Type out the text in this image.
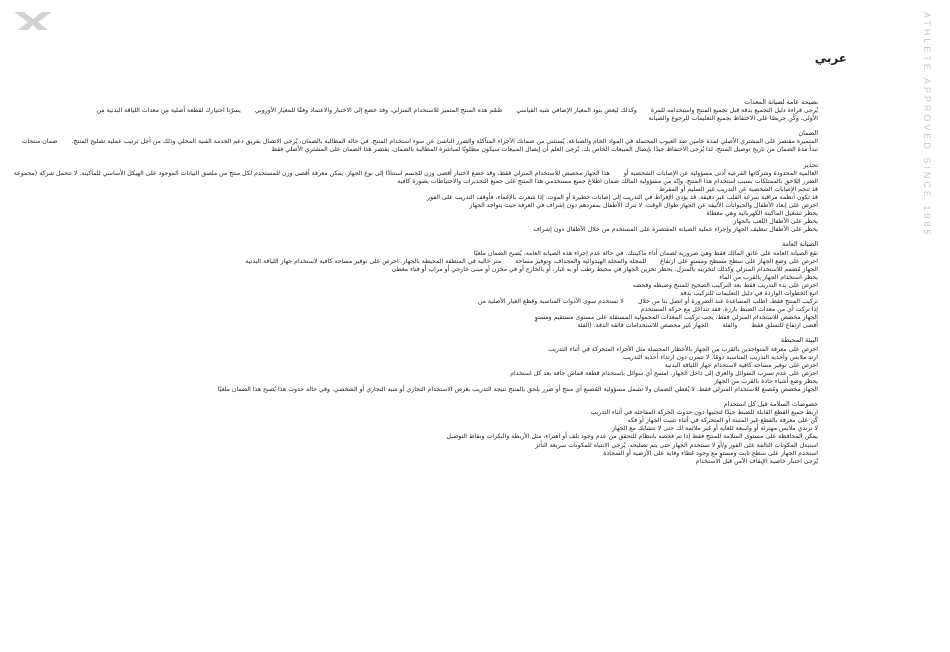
ATHLETE APPROVED SINCE 1985
عربي
نصيحة عامة لصيانة المعدات
يُرجى قراءة دليل التجميع بدقة قبل تجميع المنتج واستخدامه للمرة
وكذلك ليعض بنود المعيار الإضافي شبه القياسي
صُمّم هذه المنتج المتميز للاستخدام المنزلي، وقد خضع إلى الاختبار والاعتماد وفقًا للمعيار الأوروبي
يسرّنا اختيارك لقطعة أصلية من معدات اللياقة البدنية من
الأولى، وكُن حريصًا على الاحتفاظ بجميع التعليمات للرجوع والصيانة
الضمان
المتميزة مقتصر على المشتري الأصلي لمدة عامين ضد العيوب المحتملة في المواد الخام والصناعة. يُستثنى من ضمانك الأجزاء المتآكلة والضرر الناشئ عن سوء استخدام المنتج. في حالة المطالبة بالضمان، يُرجى الاتصال بفريق دعم الخدمة الفنية المحلي وذلك من أجل ترتيب عملية تصليح المنتج.
ضمان منتجات
تبدأ مدة الضمان من تاريخ توصيل المنتج، لذا يُرجى الاحتفاظ جيدًا بإيصال المبيعات الخاص بك. يُرجى العلم أن إيصال المبيعات سيكون مطلوبًا لمباشرة المطالبة بالضمان. يقتصر هذا الضمان على المشتري الأصلي فقط
تحذير
العالمية المحدودة وشركاتها الفرعية أدنى مسؤولية عن الإصابات الشخصية أو
هذا الجهاز مخصص للاستخدام المنزلي فقط، وقد خضع لاختبار أقصى وزن للجسم استنادًا إلى نوع الجهاز. يمكن معرفة أقصى وزن للمستخدم لكل منتج من ملصق البيانات الموجود على الهيكل الأساسي للماكينة. لا تتحمل شركة (مجموعة
الضرر اللاحق بالممتلكات بسبب استخدام هذا المنتج، وإنّه من مسؤولية المالك ضمان اطلاع جميع مستخدمي هذا المنتج على جميع التحذيرات والاحتياطات بصورة كافية
قد تنجم الإصابات الشخصية عن التدريب غير السليم أو المفرط
قد تكون أنظمة مراقبة سرعة القلب غير دقيقة. قد يؤدي الإفراط في التدريب إلى إصابات خطيرة أو الموت. إذا شعرت بالإغماء، فأوقف التدريب على الفور
احرص على إبعاد الأطفال والحيوانات الأليفة عن الجهاز طوال الوقت. لا تترك الأطفال بمفردهم دون إشراف في الغرفة حيث يتواجد الجهاز
يحظر تشغيل الماكينة الكهربائية وهي مغطاة
يحظر على الأطفال اللعب بالجهاز
يحظر على الأطفال تنظيف الجهاز وإجراء عملية الصيانة المقتصرة على المستخدم من خلال الأطفال دون إشراف
الصيانة العامة
تقع الصيانة العامة على عاتق المالك فقط وهي ضرورية لضمان أداء ماكينتك. في حالة عدم إجراء هذه الصيانة العامة، يُصبح الضمان ملغيًا
احرص على وضع الجهاز على سطح مسطح ومستوٍ على ارتفاع
للمجلة والمجلة الهيدوائية والمجداف، وتوفير مساحة
متر خالية في المنطقة المحيطة بالجهاز. احرص على توفير مساحة كافية لاستخدام جهاز اللياقة البدنية
الجهاز مُصمم للاستخدام المنزلي وكذلك لتخزينه بالمنزل. يحظر تخزين الجهاز في محيط رطب أو به غبار، أو بالخارج أو في مخزن أو مبنى خارجي أو مراب أو فناء مغطى
يحظر استخدام الجهاز بالقرب من الماء
احرص على بدء التدريب فقط بعد التركيب الصحيح للمنتج وضبطه وفحصه
اتبع الخطوات الواردة في دليل التعليمات للتركيب بدقة
تركيب المنتج فقط. اطلب المساعدة عند الضرورة أو اتصل بنا من خلال
لا تستخدم سوى الأدوات المناسبة وقطع الغيار الأصلية من
إذا تركت أي من معدات الضبط بارزة، فقد تتداخل مع حركة المستخدم
الجهاز مخصص للاستخدام المنزلي فقط، يجب تركيب المعدات المحمولية المستقلة على مستوى مستقيم ومستوٍ
أقصى ارتفاع للتسلق فقط
والفئة
الجهاز غير مخصص للاستخدامات فائقة الدقة. (الفئة
البيئة المحيطة
احرص على معرفة المتواجدين بالقرب من الجهاز بالأخطار المحتملة مثل الأجزاء المتحركة في أثناء التدريب
ارتدِ ملابس وأحذية التدريب المناسبة دومًا. لا تتمرن دون ارتداء أحذية التدريب
احرص على توفير مساحة كافية لاستخدام جهاز اللياقة البدنية
احرص على عدم تسرب السوائل والعرق إلى داخل الجهاز. امسح أي سوائل باستخدام قطعة قماش جافة بعد كل استخدام
يحظر وضع أشياء حادة بالقرب من الجهاز
الجهاز مخصص ومُصنع للاستخدام المنزلي فقط، لا يُغطي الضمان ولا تشمل مسؤولية المُصنع أي منتج أو ضرر يلحق بالمنتج نتيجة التدريب بغرض الاستخدام التجاري أو شبه التجاري أو الشخصي. وفي حالة حدوث هذا يُصبح هذا الضمان ملغيًا
خصوصات السلامة قبل كل استخدام
اربط جميع القطع القابلة للضبط جيدًا لتجنبها دون حدوث الحركة المفاجئة في أثناء التدريب
كُن على معرفة بالقطع غير المثبتة أو المتحركة في أثناء تثبيت الجهاز أو فكه
لا ترتدي ملابس مهترئة أو واسعة للغاية أو غير ملائمة لك حتى لا تتشابك مع الجهاز
يمكن المحافظة على مستوى السلامة للمنتج فقط إذا تم فحصه بانتظام للتحقق من عدم وجود تلف أو اهتراء، مثل الأربطة والبكرات ونقاط التوصيل
استبدل المكونات التالفة على الفور و/أو لا تستخدم الجهاز حتى يتم تصليحه. يُرجى الانتباه للمكونات سريعة التأثر
استخدم الجهاز على سطح ثابت ومستوٍ مع وجود غطاء وقاية على الأرضية أو السجادة
يُرجى اختبار خاصية الإيقاف الآمن قبل الاستخدام
